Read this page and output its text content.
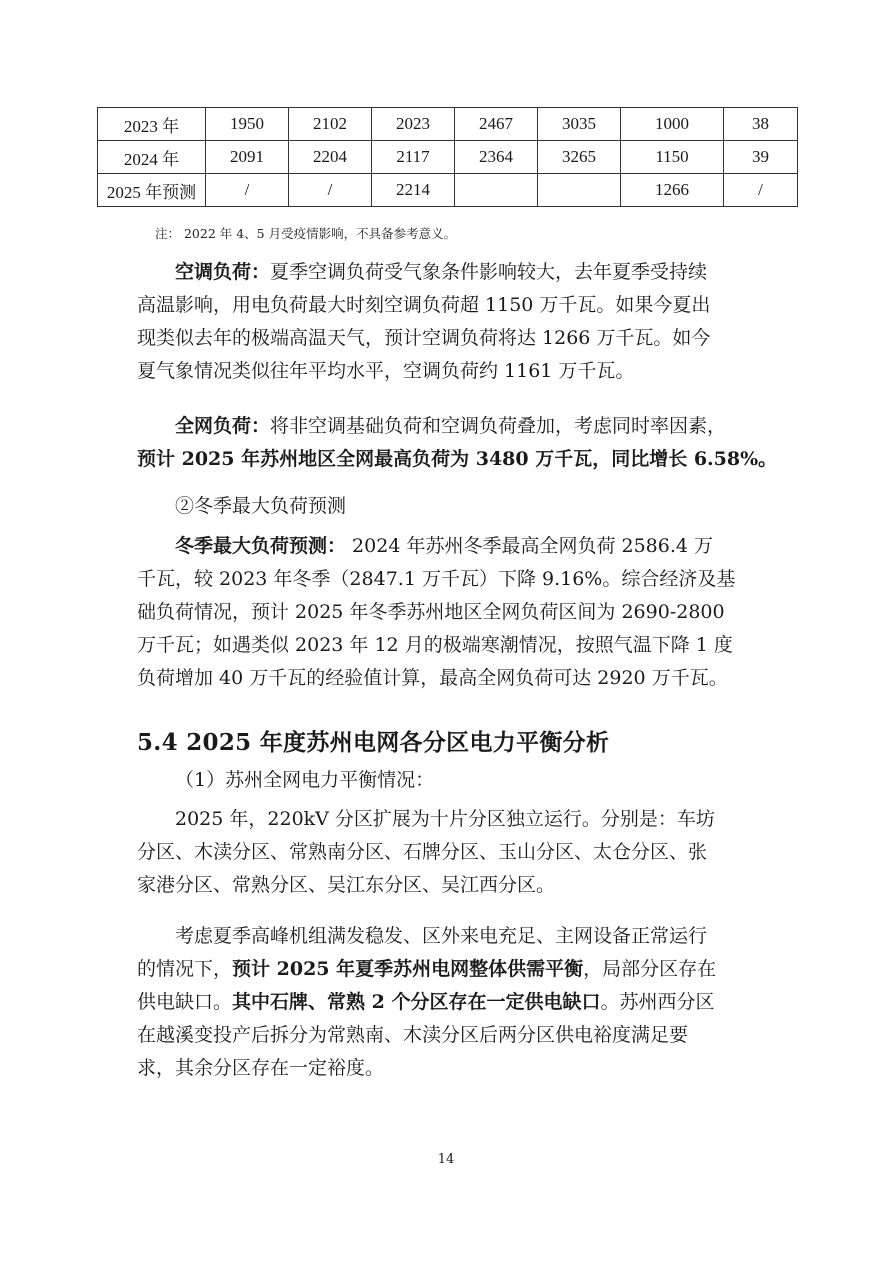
2023 年	1950	2102	2023	2467	3035	1000	38
2024 年	2091	2204	2117	2364	3265	1150	39
2025 年预测	/	/	2214			1266	/
注： 2022 年 4、5 月受疫情影响，不具备参考意义。
空调负荷：夏季空调负荷受气象条件影响较大，去年夏季受持续
高温影响，用电负荷最大时刻空调负荷超 1150 万千瓦。如果今夏出
现类似去年的极端高温天气，预计空调负荷将达 1266 万千瓦。如今
夏气象情况类似往年平均水平，空调负荷约 1161 万千瓦。
全网负荷：将非空调基础负荷和空调负荷叠加，考虑同时率因素，
预计 2025 年苏州地区全网最高负荷为 3480 万千瓦，同比增长 6.58%。
②冬季最大负荷预测
冬季最大负荷预测： 2024 年苏州冬季最高全网负荷 2586.4 万
千瓦，较 2023 年冬季（2847.1 万千瓦）下降 9.16%。综合经济及基
础负荷情况，预计 2025 年冬季苏州地区全网负荷区间为 2690-2800
万千瓦；如遇类似 2023 年 12 月的极端寒潮情况，按照气温下降 1 度
负荷增加 40 万千瓦的经验值计算，最高全网负荷可达 2920 万千瓦。
5.4 2025 年度苏州电网各分区电力平衡分析
（1）苏州全网电力平衡情况：
2025 年，220kV 分区扩展为十片分区独立运行。分别是：车坊
分区、木渎分区、常熟南分区、石牌分区、玉山分区、太仓分区、张
家港分区、常熟分区、吴江东分区、吴江西分区。
考虑夏季高峰机组满发稳发、区外来电充足、主网设备正常运行
的情况下，预计 2025 年夏季苏州电网整体供需平衡，局部分区存在
供电缺口。其中石牌、常熟 2 个分区存在一定供电缺口。苏州西分区
在越溪变投产后拆分为常熟南、木渎分区后两分区供电裕度满足要
求，其余分区存在一定裕度。
14
